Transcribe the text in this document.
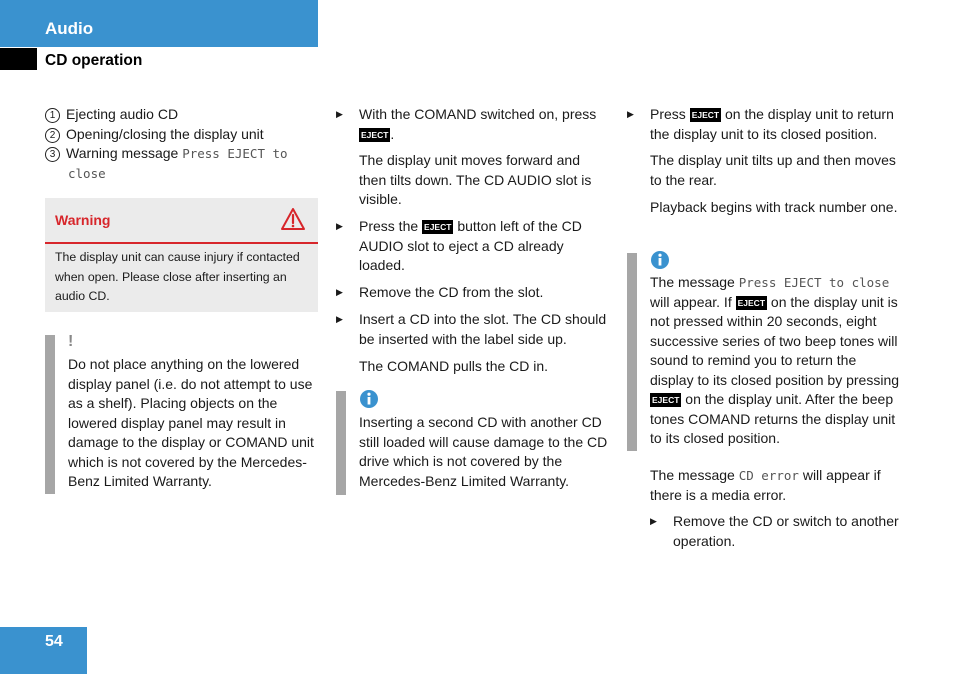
Audio
CD operation
1 Ejecting audio CD
2 Opening/closing the display unit
3 Warning message Press EJECT to close
Warning
The display unit can cause injury if contacted when open. Please close after inserting an audio CD.
!
Do not place anything on the lowered display panel (i.e. do not attempt to use as a shelf). Placing objects on the lowered display panel may result in damage to the display or COMAND unit which is not covered by the Mercedes-Benz Limited Warranty.
▶	With the COMAND switched on, press
EJECT .
The display unit moves forward and then tilts down. The CD AUDIO slot is visible.
▶	Press the EJECT button left of the CD AUDIO slot to eject a CD already loaded.
▶	Remove the CD from the slot.
▶	Insert a CD into the slot. The CD should be inserted with the label side up.
The COMAND pulls the CD in.
Inserting a second CD with another CD still loaded will cause damage to the CD drive which is not covered by the Mercedes-Benz Limited Warranty.
▶	Press EJECT on the display unit to return the display unit to its closed position.
The display unit tilts up and then moves to the rear.
Playback begins with track number one.
The message Press EJECT to close will appear. If EJECT on the display unit is not pressed within 20 seconds, eight successive series of two beep tones will sound to remind you to return the display to its closed position by pressing EJECT on the display unit. After the beep tones COMAND returns the display unit to its closed position.
The message CD error will appear if there is a media error.
▶	Remove the CD or switch to another operation.
54
